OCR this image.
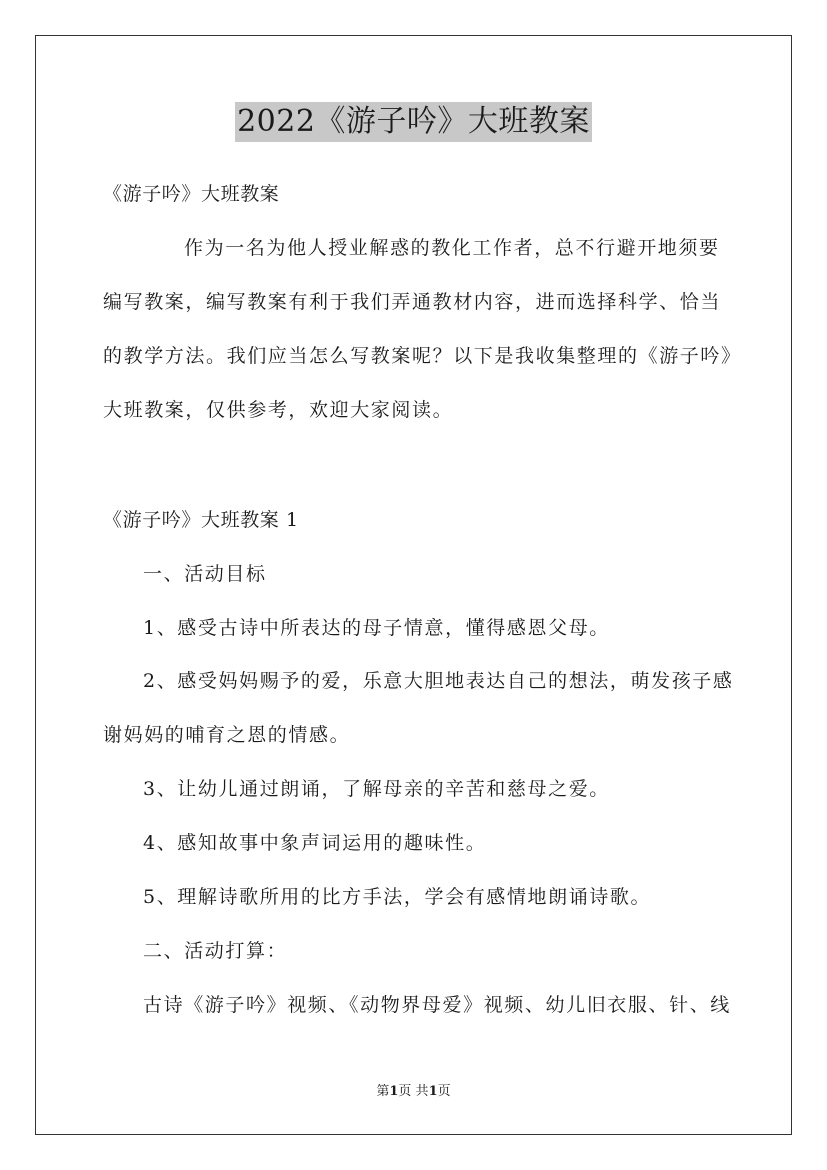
2022《游子吟》大班教案
《游子吟》大班教案
作为一名为他人授业解惑的教化工作者，总不行避开地须要
编写教案，编写教案有利于我们弄通教材内容，进而选择科学、恰当
的教学方法。我们应当怎么写教案呢？以下是我收集整理的《游子吟》
大班教案，仅供参考，欢迎大家阅读。
《游子吟》大班教案 1
一、活动目标
1、感受古诗中所表达的母子情意，懂得感恩父母。
2、感受妈妈赐予的爱，乐意大胆地表达自己的想法，萌发孩子感
谢妈妈的哺育之恩的情感。
3、让幼儿通过朗诵，了解母亲的辛苦和慈母之爱。
4、感知故事中象声词运用的趣味性。
5、理解诗歌所用的比方手法，学会有感情地朗诵诗歌。
二、活动打算：
古诗《游子吟》视频、《动物界母爱》视频、幼儿旧衣服、针、线
第1页 共1页
